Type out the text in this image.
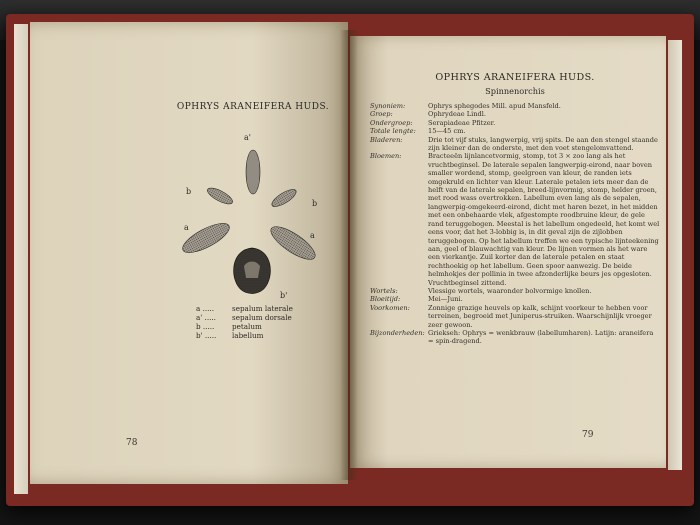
OPHRYS ARANEIFERA HUDS.
a'
b
b
a
a
b'
a .....	sepalum laterale
a' ..... sepalum dorsale
b ..... petalum
b' ..... labellum
78
OPHRYS ARANEIFERA HUDS.
Spinnenorchis
Synoniem:	Ophrys sphegodes Mill. apud Mansfeld.
Groep:	Ophrydeae Lindl.
Ondergroep:	Serapiadeae Pfitzer.
Totale lengte:	15—45 cm.
Bladeren:	Drie tot vijf stuks, langwerpig, vrij spits. De aan den stengel staande zijn kleiner dan de onderste, met den voet stengelomvattend.
Bloemen:	Bracteeën lijnlancetvormig, stomp, tot 3 × zoo lang als het vruchtbeginsel. De laterale sepalen langwerpig-eirond, naar boven smaller wordend, stomp, geelgroen van kleur, de randen iets omgekruld en lichter van kleur. Laterale petalen iets meer dan de helft van de laterale sepalen, breed-lijnvormig, stomp, helder groen, met rood wass overtrokken. Labellum even lang als de sepalen, langwerpig-omgekeerd-eirond, dicht met haren bezet, in het midden met een onbehaarde vlek, afgestompte roodbruine kleur, de gele rand teruggebogen. Meestal is het labellum ongedeeld, het komt wel eens voor, dat het 3-lobbig is, in dit geval zijn de zijlobben teruggebogen. Op het labellum treffen we een typische lijnteekening aan, geel of blauwachtig van kleur. De lijnen vormen als het ware een vierkantje. Zuil korter dan de laterale petalen en staat rechthoekig op het labellum. Geen spoor aanwezig. De beide helmhokjes der pollinia in twee afzonderlijke beurs jes opgesloten. Vruchtbeginsel zittend.
Wortels:	Vlessige wortels, waaronder bolvormige knollen.
Bloeitijd:	Mei—Juni.
Voorkomen:	Zonnige grazige heuvels op kalk, schijnt voorkeur te hebben voor terreinen, begroeid met Juniperus-struiken. Waarschijnlijk vroeger zeer gewoon.
Bijzonderheden: Griekseh: Ophrys = wenkbrauw (labellumharen). Latijn: araneifera = spin-dragend.
79
